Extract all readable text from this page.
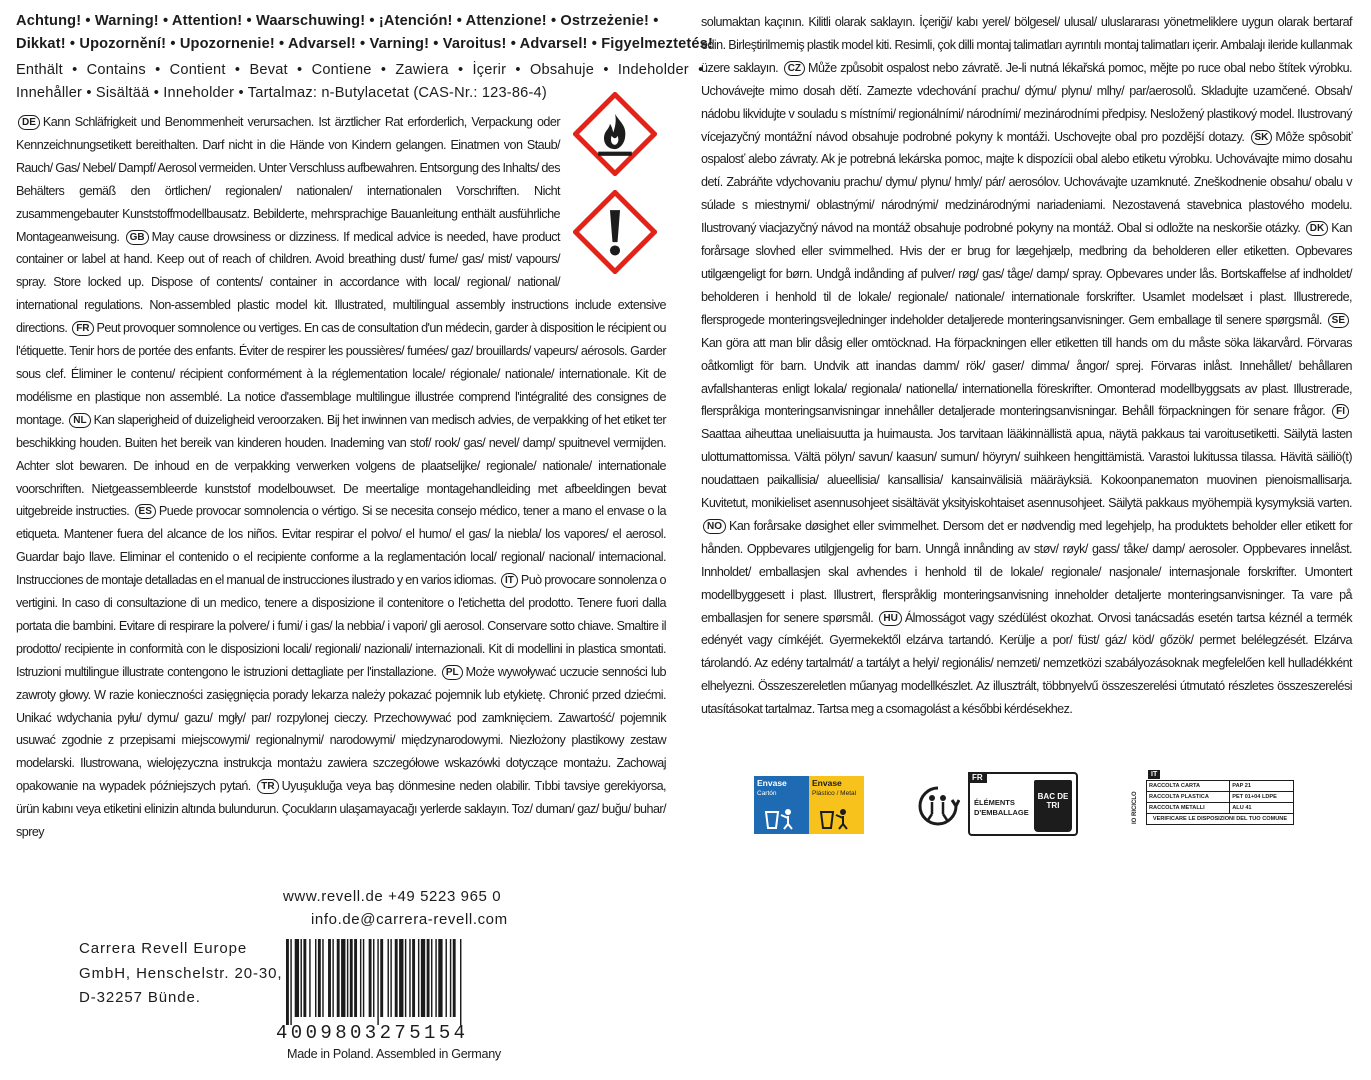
Achtung! • Warning! • Attention! • Waarschuwing! • ¡Atención! • Attenzione! • Ostrzeżenie! •
Dikkat! • Upozornění! • Upozornenie! • Advarsel! • Varning! • Varoitus! • Advarsel! • Figyelmeztetés!
Enthält • Contains • Contient • Bevat • Contiene • Zawiera • İçerir • Obsahuje • Indeholder •
Innehåller • Sisältää • Inneholder • Tartalmaz: n-Butylacetat (CAS-Nr.: 123-86-4)
DE Kann Schläfrigkeit und Benommenheit verursachen. Ist ärztlicher Rat erforderlich, Verpackung oder Kennzeichnungsetikett bereithalten. Darf nicht in die Hände von Kindern gelangen. Einatmen von Staub/ Rauch/ Gas/ Nebel/ Dampf/ Aerosol vermeiden. Unter Verschluss aufbewahren. Entsorgung des Inhalts/ des Behälters gemäß den örtlichen/ regionalen/ nationalen/ internationalen Vorschriften. Nicht zusammengebauter Kunststoffmodellbausatz. Bebilderte, mehrsprachige Bauanleitung enthält ausführliche Montageanweisung. GB May cause drowsiness or dizziness. If medical advice is needed, have product container or label at hand. Keep out of reach of children. Avoid breathing dust/ fume/ gas/ mist/ vapours/ spray. Store locked up. Dispose of contents/ container in accordance with local/ regional/ national/ international regulations. Non-assembled plastic model kit. Illustrated, multilingual assembly instructions include extensive directions. FR Peut provoquer somnolence ou vertiges. En cas de consultation d'un médecin, garder à disposition le récipient ou l'étiquette. Tenir hors de portée des enfants. Éviter de respirer les poussières/ fumées/ gaz/ brouillards/ vapeurs/ aérosols. Garder sous clef. Éliminer le contenu/ récipient conformément à la réglementation locale/ régionale/ nationale/ internationale. Kit de modélisme en plastique non assemblé. La notice d'assemblage multilingue illustrée comprend l'intégralité des consignes de montage. NL Kan slaperigheid of duizeligheid veroorzaken. Bij het inwinnen van medisch advies, de verpakking of het etiket ter beschikking houden. Buiten het bereik van kinderen houden. Inademing van stof/ rook/ gas/ nevel/ damp/ spuitnevel vermijden. Achter slot bewaren. De inhoud en de verpakking verwerken volgens de plaatselijke/ regionale/ nationale/ internationale voorschriften. Nietgeassembleerde kunststof modelbouwset. De meertalige montagehandleiding met afbeeldingen bevat uitgebreide instructies. ES Puede provocar somnolencia o vértigo. Si se necesita consejo médico, tener a mano el envase o la etiqueta. Mantener fuera del alcance de los niños. Evitar respirar el polvo/ el humo/ el gas/ la niebla/ los vapores/ el aerosol. Guardar bajo llave. Eliminar el contenido o el recipiente conforme a la reglamentación local/ regional/ nacional/ internacional. Instrucciones de montaje detalladas en el manual de instrucciones ilustrado y en varios idiomas. IT Può provocare sonnolenza o vertigini. In caso di consultazione di un medico, tenere a disposizione il contenitore o l'etichetta del prodotto. Tenere fuori dalla portata die bambini. Evitare di respirare la polvere/ i fumi/ i gas/ la nebbia/ i vapori/ gli aerosol. Conservare sotto chiave. Smaltire il prodotto/ recipiente in conformità con le disposizioni locali/ regionali/ nazionali/ internazionali. Kit di modellini in plastica smontati. Istruzioni multilingue illustrate contengono le istruzioni dettagliate per l'installazione. PL Może wywoływać uczucie senności lub zawroty głowy. W razie konieczności zasięgnięcia porady lekarza należy pokazać pojemnik lub etykietę. Chronić przed dziećmi. Unikać wdychania pyłu/ dymu/ gazu/ mgły/ par/ rozpylonej cieczy. Przechowywać pod zamknięciem. Zawartość/ pojemnik usuwać zgodnie z przepisami miejscowymi/ regionalnymi/ narodowymi/ międzynarodowymi. Niezłożony plastikowy zestaw modelarski. Ilustrowana, wielojęzyczna instrukcja montażu zawiera szczegółowe wskazówki dotyczące montażu. Zachowaj opakowanie na wypadek późniejszych pytań. TR Uyuşukluğa veya baş dönmesine neden olabilir. Tıbbi tavsiye gerekiyorsa, ürün kabını veya etiketini elinizin altında bulundurun. Çocukların ulaşamayacağı yerlerde saklayın. Toz/ duman/ gaz/ buğu/ buhar/ sprey
solumaktan kaçının. Kilitli olarak saklayın. İçeriği/ kabı yerel/ bölgesel/ ulusal/ uluslararası yönetmeliklere uygun olarak bertaraf edin. Birleştirilmemiş plastik model kiti. Resimli, çok dilli montaj talimatları ayrıntılı montaj talimatları içerir. Ambalajı ileride kullanmak üzere saklayın. CZ Může způsobit ospalost nebo závratě. Je-li nutná lékařská pomoc, mějte po ruce obal nebo štítek výrobku. Uchovávejte mimo dosah dětí. Zamezte vdechování prachu/ dýmu/ plynu/ mlhy/ par/aerosolů. Skladujte uzamčené. Obsah/ nádobu likvidujte v souladu s místními/ regionálními/ národními/ mezinárodními předpisy. Nesložený plastikový model. Ilustrovaný vícejazyčný montážní návod obsahuje podrobné pokyny k montáži. Uschovejte obal pro pozdější dotazy. SK Môže spôsobiť ospalosť alebo závraty. Ak je potrebná lekárska pomoc, majte k dispozícii obal alebo etiketu výrobku. Uchovávajte mimo dosahu detí. Zabráňte vdychovaniu prachu/ dymu/ plynu/ hmly/ pár/ aerosólov. Uchovávajte uzamknuté. Zneškodnenie obsahu/ obalu v súlade s miestnymi/ oblastnými/ národnými/ medzinárodnými nariadeniami. Nezostavená stavebnica plastového modelu. Ilustrovaný viacjazyčný návod na montáž obsahuje podrobné pokyny na montáž. Obal si odložte na neskoršie otázky. DK Kan forårsage slovhed eller svimmelhed. Hvis der er brug for lægehjælp, medbring da beholderen eller etiketten. Opbevares utilgængeligt for børn. Undgå indånding af pulver/ røg/ gas/ tåge/ damp/ spray. Opbevares under lås. Bortskaffelse af indholdet/ beholderen i henhold til de lokale/ regionale/ nationale/ internationale forskrifter. Usamlet modelsæt i plast. Illustrerede, flersprogede monteringsvejledninger indeholder detaljerede monteringsanvisninger. Gem emballage til senere spørgsmål. SEKan göra att man blir dåsig eller omtöcknad. Ha förpackningen eller etiketten till hands om du måste söka läkarvård. Förvaras oåtkomligt för barn. Undvik att inandas damm/ rök/ gaser/ dimma/ ångor/ sprej. Förvaras inlåst. Innehållet/ behållaren avfallshanteras enligt lokala/ regionala/ nationella/ internationella föreskrifter. Omonterad modellbyggsats av plast. Illustrerade, flerspråkiga monteringsanvisningar innehåller detaljerade monteringsanvisningar. Behåll förpackningen för senare frågor. FISaattaa aiheuttaa uneliaisuutta ja huimausta. Jos tarvitaan lääkinnällistä apua, näytä pakkaus tai varoitusetiketti. Säilytä lasten ulottumattomissa. Vältä pölyn/ savun/ kaasun/ sumun/ höyryn/ suihkeen hengittämistä. Varastoi lukitussa tilassa. Hävitä säiliö(t) noudattaen paikallisia/ alueellisia/ kansallisia/ kansainvälisiä määräyksiä. Kokoonpanematon muovinen pienoismallisarja. Kuvitetut, monikieliset asennusohjeet sisältävät yksityiskohtaiset asennusohjeet. Säilytä pakkaus myöhempiä kysymyksiä varten. NO Kan forårsake døsighet eller svimmelhet. Dersom det er nødvendig med legehjelp, ha produktets beholder eller etikett for hånden. Oppbevares utilgjengelig for barn. Unngå innånding av støv/ røyk/ gass/ tåke/ damp/ aerosoler. Oppbevares innelåst. Innholdet/ emballasjen skal avhendes i henhold til de lokale/ regionale/ nasjonale/ internasjonale forskrifter. Umontert modellbyggesett i plast. Illustrert, flerspråklig monteringsanvisning inneholder detaljerte monteringsanvisninger. Ta vare på emballasjen for senere spørsmål. HU Álmosságot vagy szédülést okozhat. Orvosi tanácsadás esetén tartsa kéznél a termék edényét vagy címkéjét. Gyermekektől elzárva tartandó. Kerülje a por/ füst/ gáz/ köd/ gőzök/ permet belélegzését. Elzárva tárolandó. Az edény tartalmát/ a tartályt a helyi/ regionális/ nemzeti/ nemzetközi szabályozásoknak megfelelően kell hulladékként elhelyezni. Összeszereletlen műanyag modellkészlet. Az illusztrált, többnyelvű összeszerelési útmutató részletes összeszerelési utasításokat tartalmaz. Tartsa meg a csomagolást a későbbi kérdésekhez.
Envase
Cartón
Envase
Plástico / Metal
FR
ÉLÉMENTS D'EMBALLAGE
BAC DE TRI
IT
IO RICICLO
RACCOLTA CARTA	PAP 21
RACCOLTA PLASTICA	PET 01+04 LDPE
RACCOLTA METALLI	ALU 41
VERIFICARE LE DISPOSIZIONI DEL TUO COMUNE	
www.revell.de +49 5223 965 0
info.de@carrera-revell.com
Carrera Revell Europe
GmbH, Henschelstr. 20-30,
D-32257 Bünde.
4009803275154
Made in Poland. Assembled in Germany
